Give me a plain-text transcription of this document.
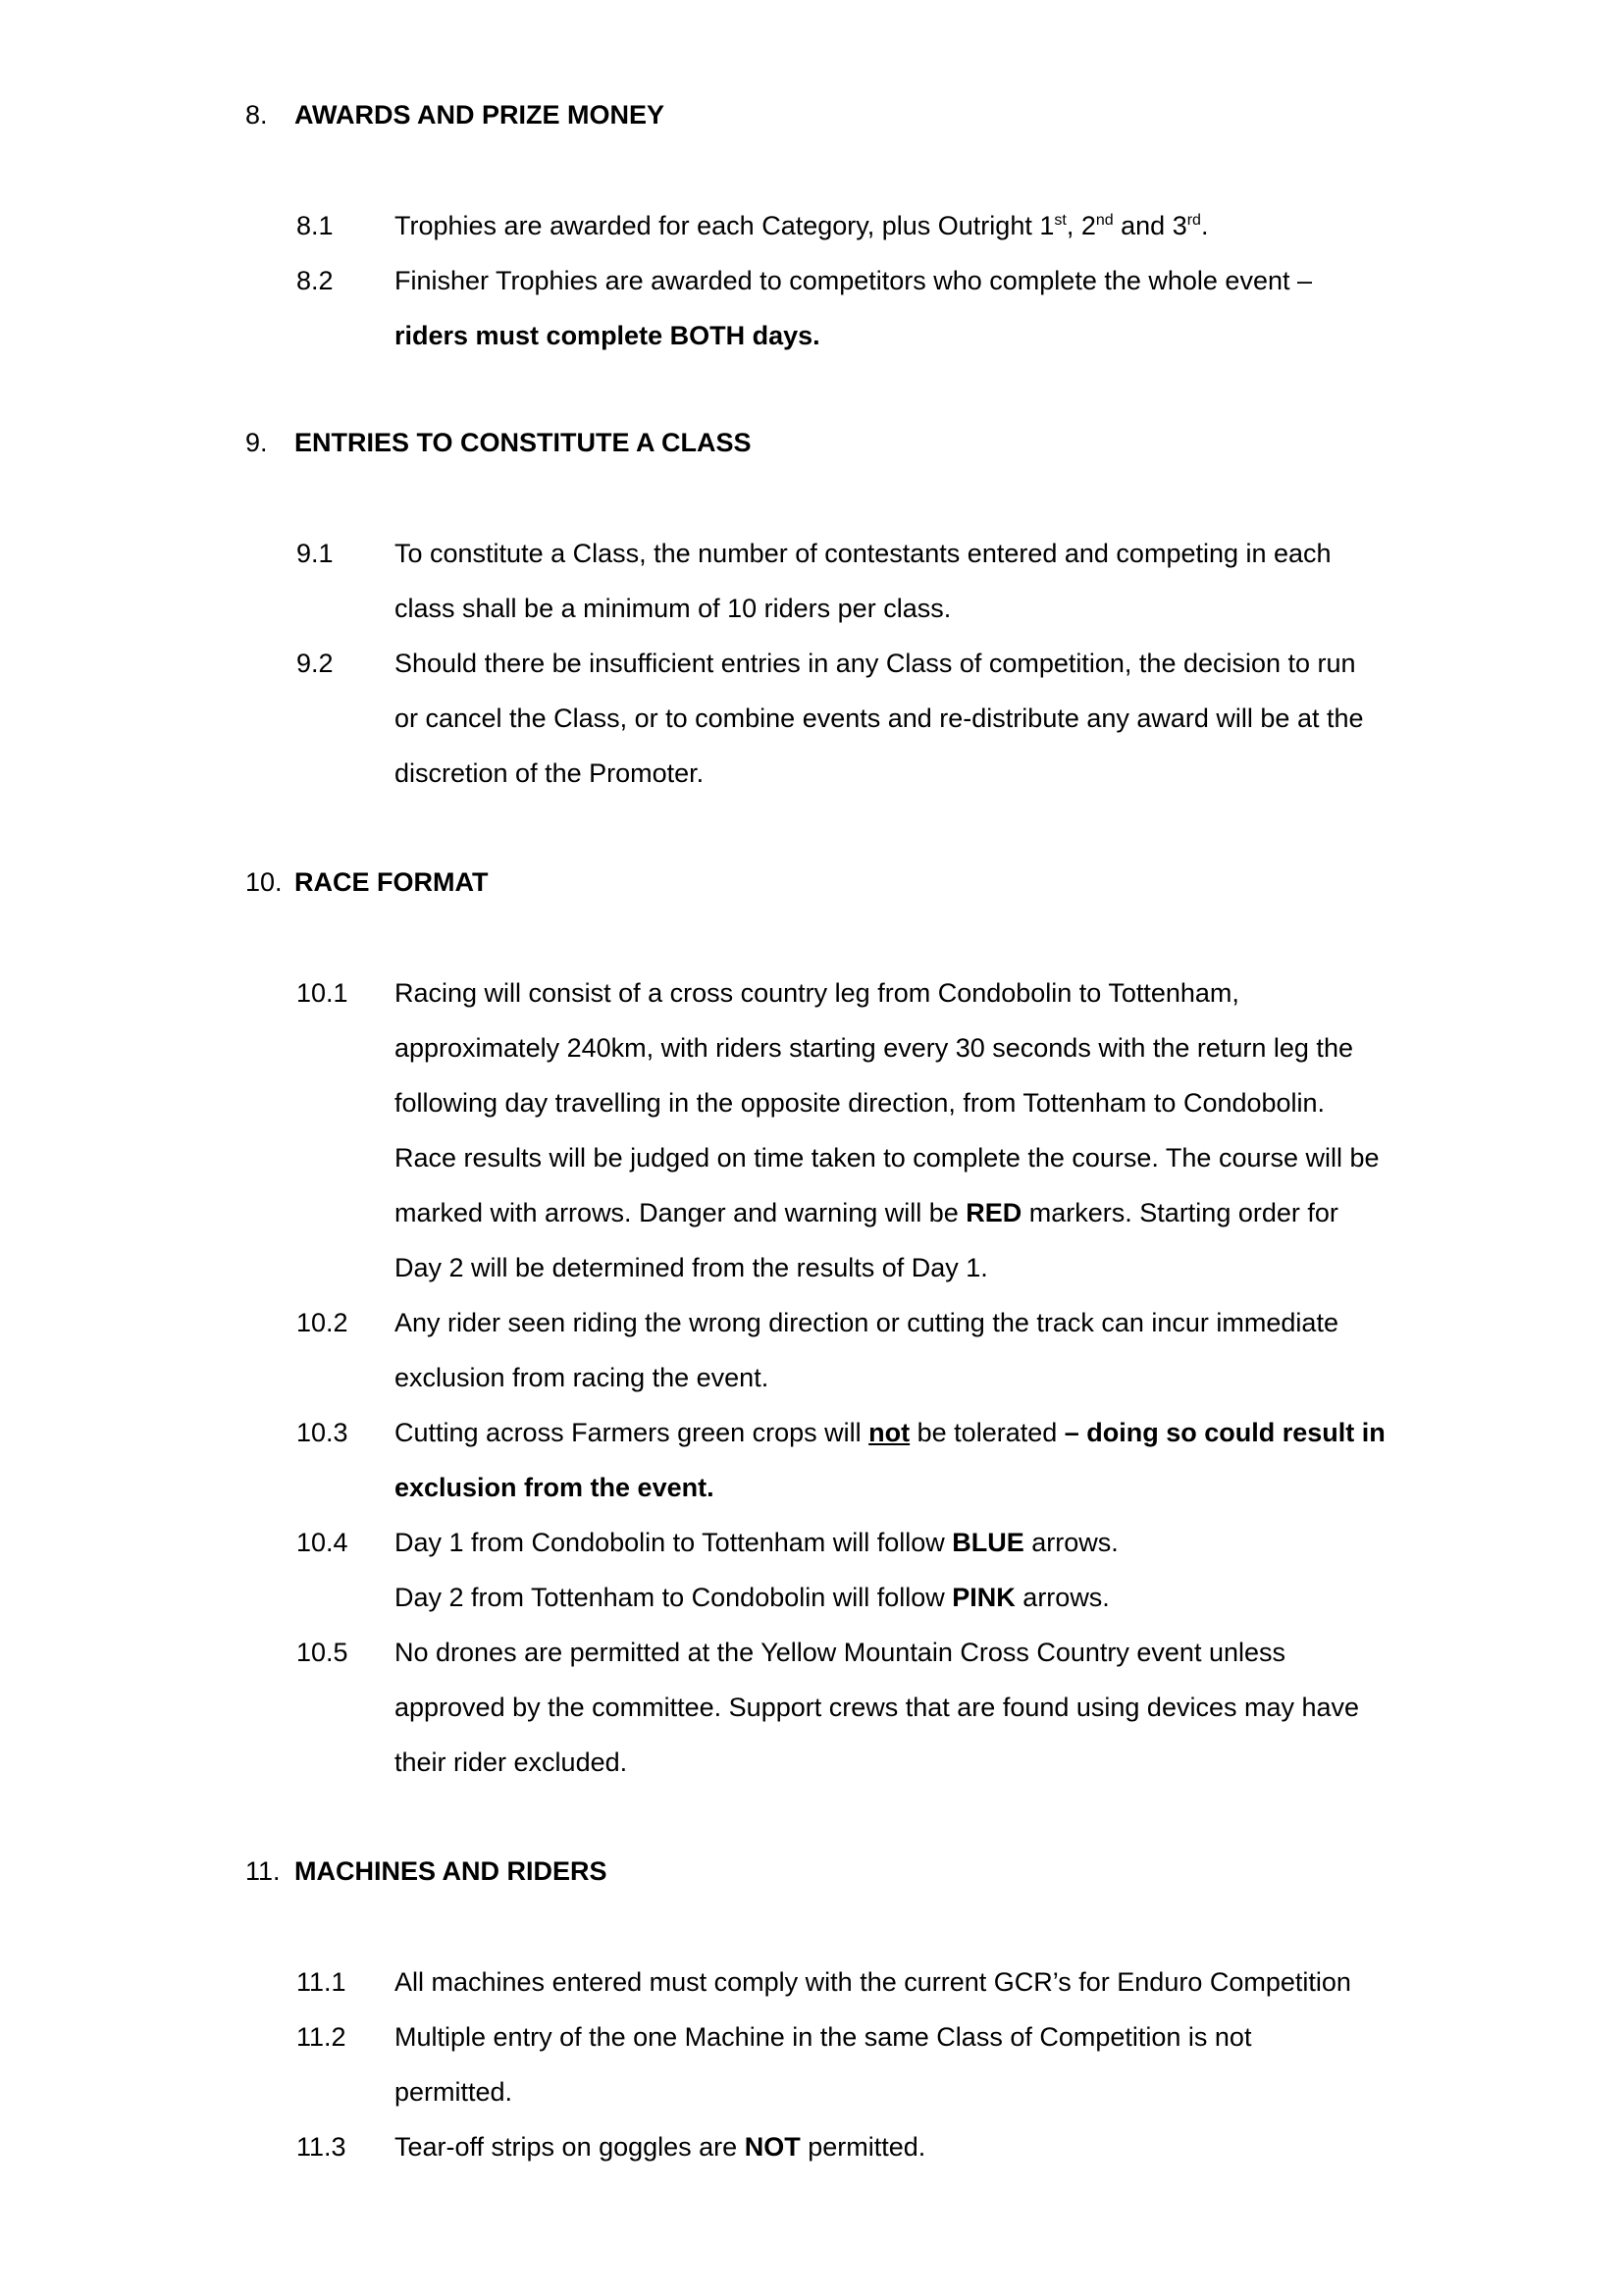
8. AWARDS AND PRIZE MONEY
8.1	Trophies are awarded for each Category, plus Outright 1st, 2nd and 3rd.
8.2	Finisher Trophies are awarded to competitors who complete the whole event –
riders must complete BOTH days.
9. ENTRIES TO CONSTITUTE A CLASS
9.1	To constitute a Class, the number of contestants entered and competing in each
class shall be a minimum of 10 riders per class.
9.2	Should there be insufficient entries in any Class of competition, the decision to run
or cancel the Class, or to combine events and re-distribute any award will be at the
discretion of the Promoter.
10. RACE FORMAT
10.1	Racing will consist of a cross country leg from Condobolin to Tottenham,
approximately 240km, with riders starting every 30 seconds with the return leg the
following day travelling in the opposite direction, from Tottenham to Condobolin.
Race results will be judged on time taken to complete the course. The course will be
marked with arrows. Danger and warning will be RED markers. Starting order for
Day 2 will be determined from the results of Day 1.
10.2	Any rider seen riding the wrong direction or cutting the track can incur immediate
exclusion from racing the event.
10.3	Cutting across Farmers green crops will not be tolerated – doing so could result in
exclusion from the event.
10.4	Day 1 from Condobolin to Tottenham will follow BLUE arrows.
Day 2 from Tottenham to Condobolin will follow PINK arrows.
10.5	No drones are permitted at the Yellow Mountain Cross Country event unless
approved by the committee. Support crews that are found using devices may have
their rider excluded.
11. MACHINES AND RIDERS
11.1	All machines entered must comply with the current GCR’s for Enduro Competition
11.2	Multiple entry of the one Machine in the same Class of Competition is not
permitted.
11.3	Tear-off strips on goggles are NOT permitted.
